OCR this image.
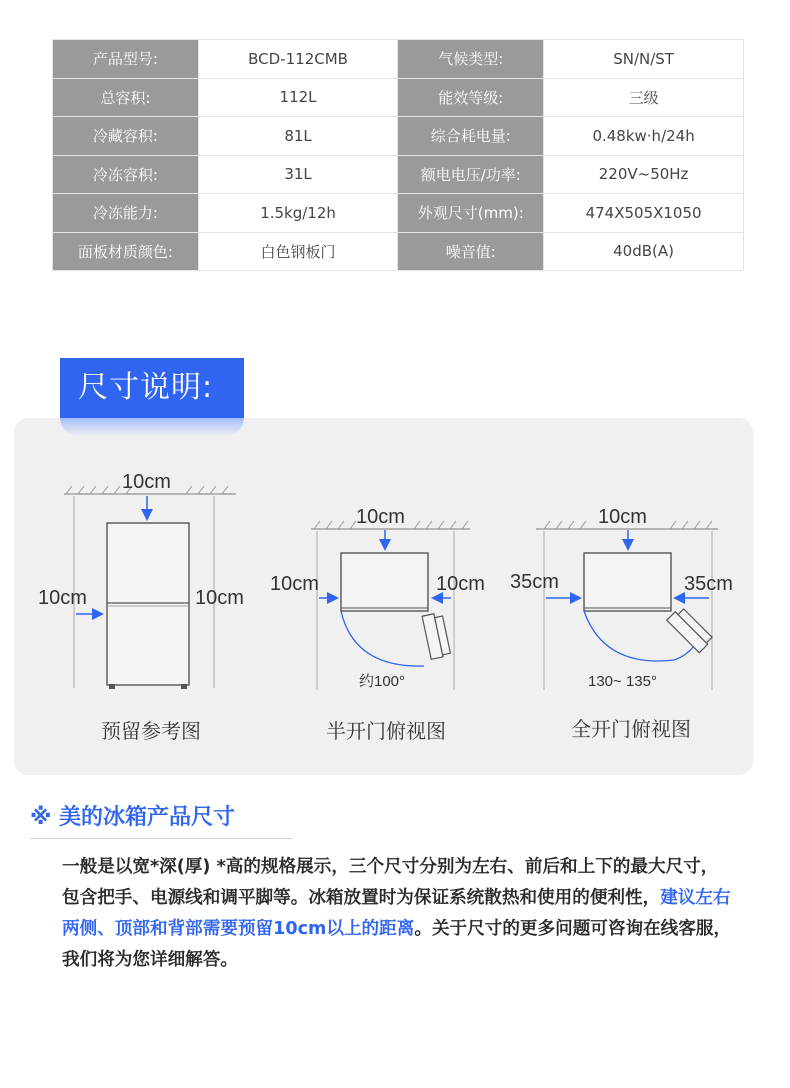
产品型号:	BCD-112CMB	气候类型:	SN/N/ST
总容积:	112L	能效等级:	三级
冷藏容积:	81L	综合耗电量:	0.48kw·h/24h
冷冻容积:	31L	额电电压/功率:	220V~50Hz
冷冻能力:	1.5kg/12h	外观尺寸(mm):	474X505X1050
面板材质颜色:	白色钢板门	噪音值:	40dB(A)
尺寸说明:
10cm
10cm	10cm
10cm
10cm	10cm
10cm
35cm	35cm
约100°	130~ 135°
预留参考图	半开门俯视图	全开门俯视图
※ 美的冰箱产品尺寸
一般是以宽*深(厚) *高的规格展示，三个尺寸分别为左右、前后和上下的最大尺寸，包含把手、电源线和调平脚等。冰箱放置时为保证系统散热和使用的便利性，建议左右两侧、顶部和背部需要预留10cm以上的距离。关于尺寸的更多问题可咨询在线客服，我们将为您详细解答。
